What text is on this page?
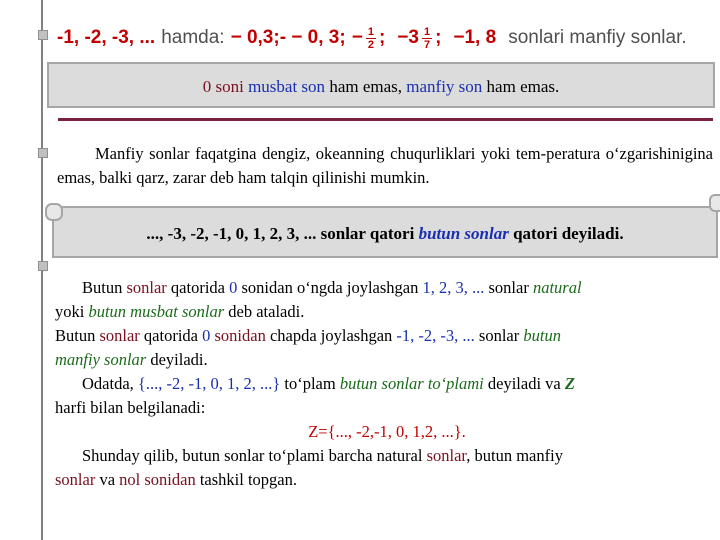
-1, -2, -3, ... hamda: − 0,3;- − 0, 3; − $\frac{1}{2}$ ; $-3 \frac{1}{7}$ ; −1, 8 sonlari manfiy sonlar.
0 soni musbat son ham emas, manfiy son ham emas.
Manfiy sonlar faqatgina dengiz, okeanning chuqurliklari yoki tem-peratura o‘zgarishinigina emas, balki qarz, zarar deb ham talqin qilinishi mumkin.
..., -3, -2, -1, 0, 1, 2, 3, ... sonlar qatori butun sonlar qatori deyiladi.

Butun sonlar qatorida 0 sonidan o‘ngda joylashgan 1, 2, 3, ... sonlar natural

yoki butun musbat sonlar deb ataladi.

Butun sonlar qatorida 0 sonidan chapda joylashgan -1, -2, -3, ... sonlar butun

manfiy sonlar deyiladi.

Odatda, {..., -2, -1, 0, 1, 2, ...} to‘plam butun sonlar to‘plami deyiladi va Z

harfi bilan belgilanadi:

Z={..., -2,-1, 0, 1,2, ...}.

Shunday qilib, butun sonlar to‘plami barcha natural sonlar, butun manfiy

sonlar va nol sonidan tashkil topgan.
